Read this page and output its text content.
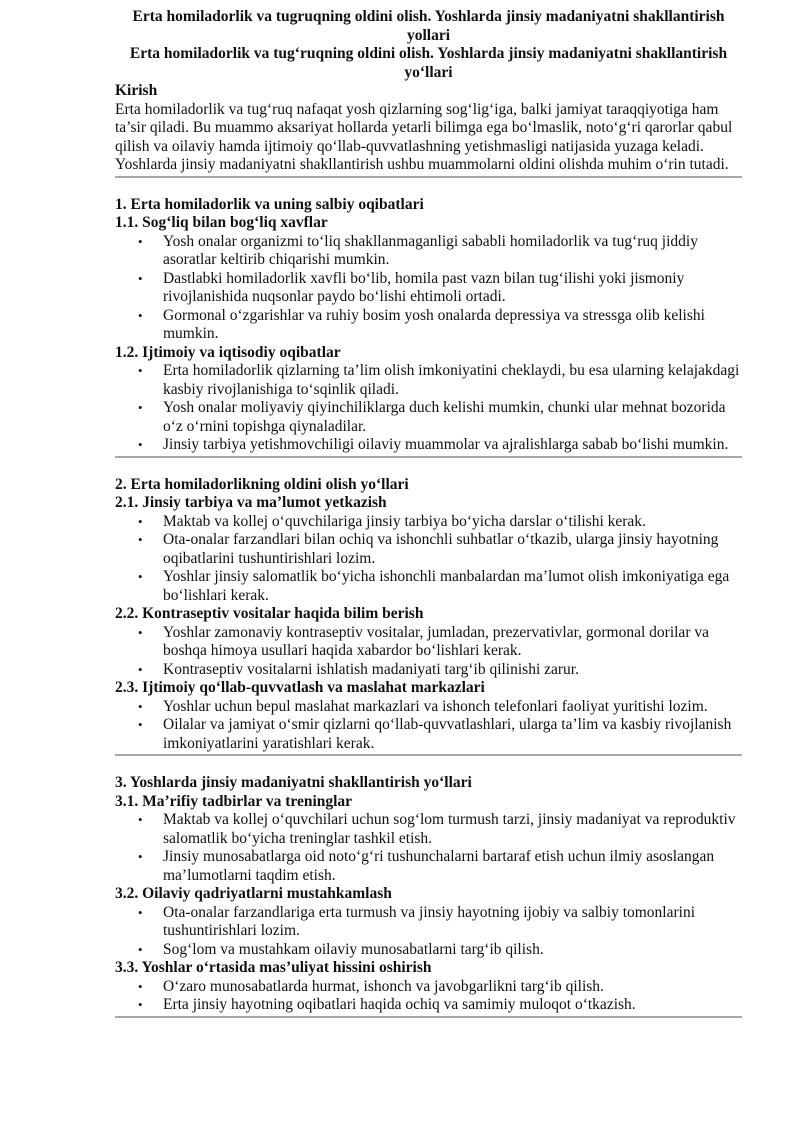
Erta homiladorlik va tugruqning oldini olish. Yoshlarda jinsiy madaniyatni shakllantirish yollari

Erta homiladorlik va tug‘ruqning oldini olish. Yoshlarda jinsiy madaniyatni shakllantirish yo‘llari

Kirish

Erta homiladorlik va tug‘ruq nafaqat yosh qizlarning sog‘lig‘iga, balki jamiyat taraqqiyotiga ham ta’sir qiladi. Bu muammo aksariyat hollarda yetarli bilimga ega bo‘lmaslik, noto‘g‘ri qarorlar qabul qilish va oilaviy hamda ijtimoiy qo‘llab-quvvatlashning yetishmasligi natijasida yuzaga keladi. Yoshlarda jinsiy madaniyatni shakllantirish ushbu muammolarni oldini olishda muhim o‘rin tutadi.

1. Erta homiladorlik va uning salbiy oqibatlari

1.1. Sog‘liq bilan bog‘liq xavflar

• Yosh onalar organizmi to‘liq shakllanmaganligi sababli homiladorlik va tug‘ruq jiddiy asoratlar keltirib chiqarishi mumkin.
• Dastlabki homiladorlik xavfli bo‘lib, homila past vazn bilan tug‘ilishi yoki jismoniy rivojlanishida nuqsonlar paydo bo‘lishi ehtimoli ortadi.
• Gormonal o‘zgarishlar va ruhiy bosim yosh onalarda depressiya va stressga olib kelishi mumkin.

1.2. Ijtimoiy va iqtisodiy oqibatlar

• Erta homiladorlik qizlarning ta’lim olish imkoniyatini cheklaydi, bu esa ularning kelajakdagi kasbiy rivojlanishiga to‘sqinlik qiladi.
• Yosh onalar moliyaviy qiyinchiliklarga duch kelishi mumkin, chunki ular mehnat bozorida o‘z o‘rnini topishga qiynaladilar.
• Jinsiy tarbiya yetishmovchiligi oilaviy muammolar va ajralishlarga sabab bo‘lishi mumkin.

2. Erta homiladorlikning oldini olish yo‘llari

2.1. Jinsiy tarbiya va ma’lumot yetkazish

• Maktab va kollej o‘quvchilariga jinsiy tarbiya bo‘yicha darslar o‘tilishi kerak.
• Ota-onalar farzandlari bilan ochiq va ishonchli suhbatlar o‘tkazib, ularga jinsiy hayotning oqibatlarini tushuntirishlari lozim.
• Yoshlar jinsiy salomatlik bo‘yicha ishonchli manbalardan ma’lumot olish imkoniyatiga ega bo‘lishlari kerak.

2.2. Kontraseptiv vositalar haqida bilim berish

• Yoshlar zamonaviy kontraseptiv vositalar, jumladan, prezervativlar, gormonal dorilar va boshqa himoya usullari haqida xabardor bo‘lishlari kerak.
• Kontraseptiv vositalarni ishlatish madaniyati targ‘ib qilinishi zarur.

2.3. Ijtimoiy qo‘llab-quvvatlash va maslahat markazlari

• Yoshlar uchun bepul maslahat markazlari va ishonch telefonlari faoliyat yuritishi lozim.
• Oilalar va jamiyat o‘smir qizlarni qo‘llab-quvvatlashlari, ularga ta’lim va kasbiy rivojlanish imkoniyatlarini yaratishlari kerak.

3. Yoshlarda jinsiy madaniyatni shakllantirish yo‘llari

3.1. Ma’rifiy tadbirlar va treninglar

• Maktab va kollej o‘quvchilari uchun sog‘lom turmush tarzi, jinsiy madaniyat va reproduktiv salomatlik bo‘yicha treninglar tashkil etish.
• Jinsiy munosabatlarga oid noto‘g‘ri tushunchalarni bartaraf etish uchun ilmiy asoslangan ma’lumotlarni taqdim etish.

3.2. Oilaviy qadriyatlarni mustahkamlash

• Ota-onalar farzandlariga erta turmush va jinsiy hayotning ijobiy va salbiy tomonlarini tushuntirishlari lozim.
• Sog‘lom va mustahkam oilaviy munosabatlarni targ‘ib qilish.

3.3. Yoshlar o‘rtasida mas’uliyat hissini oshirish

• O‘zaro munosabatlarda hurmat, ishonch va javobgarlikni targ‘ib qilish.
• Erta jinsiy hayotning oqibatlari haqida ochiq va samimiy muloqot o‘tkazish.
